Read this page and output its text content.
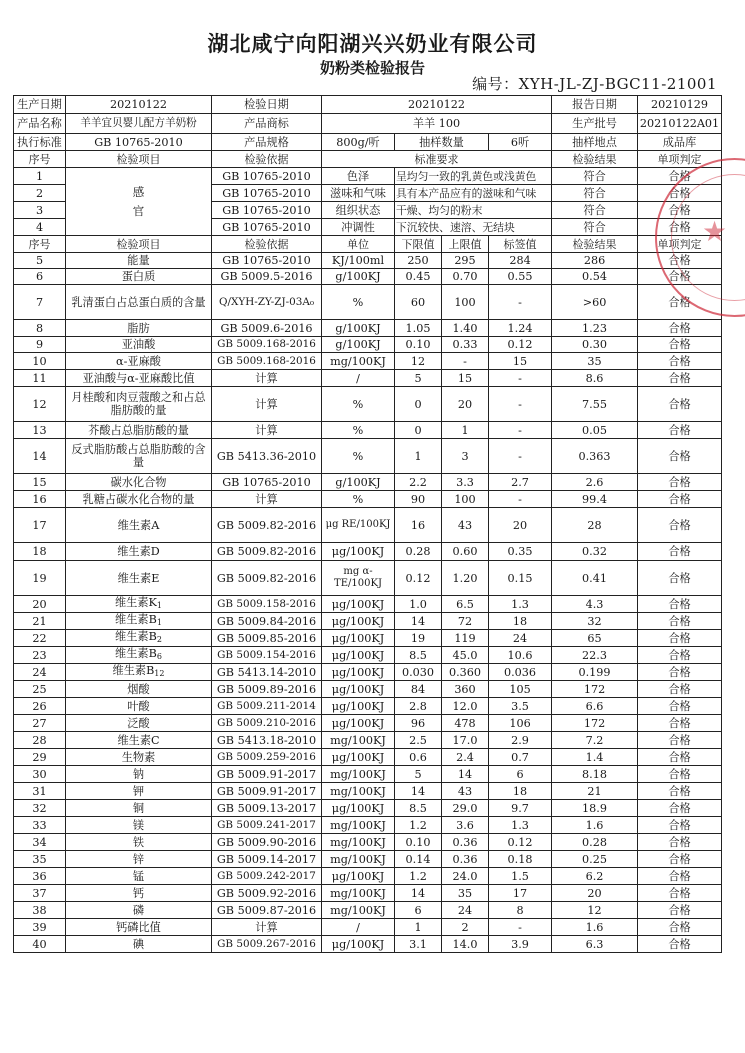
湖北咸宁向阳湖兴兴奶业有限公司
奶粉类检验报告
编号：XYH-JL-ZJ-BGC11-21001
生产日期	20210122	检验日期	20210122				报告日期	20210129
产品名称	羊羊宜贝婴儿配方羊奶粉	产品商标	羊羊 100				生产批号	20210122A01
执行标准	GB 10765-2010	产品规格	800g/听	抽样数量		6听	抽样地点	成品库
序号	检验项目	检验依据	标准要求				检验结果	单项判定
1	感官	GB 10765-2010	色泽	呈均匀一致的乳黄色或浅黄色			符合	合格
2		GB 10765-2010	滋味和气味	具有本产品应有的滋味和气味			符合	合格
3		GB 10765-2010	组织状态	干燥、均匀的粉末			符合	合格
4		GB 10765-2010	冲调性	下沉较快、速溶、无结块			符合	合格
序号	检验项目	检验依据	单位	下限值	上限值	标签值	检验结果	单项判定
5	能量	GB 10765-2010	KJ/100ml	250	295	284	286	合格
6	蛋白质	GB 5009.5-2016	g/100KJ	0.45	0.70	0.55	0.54	合格
7	乳清蛋白占总蛋白质的含量	Q/XYH-ZY-ZJ-03A₀	%	60	100	-	>60	合格
8	脂肪	GB 5009.6-2016	g/100KJ	1.05	1.40	1.24	1.23	合格
9	亚油酸	GB 5009.168-2016	g/100KJ	0.10	0.33	0.12	0.30	合格
10	α-亚麻酸	GB 5009.168-2016	mg/100KJ	12	-	15	35	合格
11	亚油酸与α-亚麻酸比值	计算	/	5	15	-	8.6	合格
12	月桂酸和肉豆蔻酸之和占总脂肪酸的量	计算	%	0	20	-	7.55	合格
13	芥酸占总脂肪酸的量	计算	%	0	1	-	0.05	合格
14	反式脂肪酸占总脂肪酸的含量	GB 5413.36-2010	%	1	3	-	0.363	合格
15	碳水化合物	GB 10765-2010	g/100KJ	2.2	3.3	2.7	2.6	合格
16	乳糖占碳水化合物的量	计算	%	90	100	-	99.4	合格
17	维生素A	GB 5009.82-2016	μg RE/100KJ	16	43	20	28	合格
18	维生素D	GB 5009.82-2016	μg/100KJ	0.28	0.60	0.35	0.32	合格
19	维生素E	GB 5009.82-2016	mg α-TE/100KJ	0.12	1.20	0.15	0.41	合格
20	维生素$K_1$	GB 5009.158-2016	μg/100KJ	1.0	6.5	1.3	4.3	合格
21	维生素$B_1$	GB 5009.84-2016	μg/100KJ	14	72	18	32	合格
22	维生素$B_2$	GB 5009.85-2016	μg/100KJ	19	119	24	65	合格
23	维生素$B_6$	GB 5009.154-2016	μg/100KJ	8.5	45.0	10.6	22.3	合格
24	维生素$B_{12}$	GB 5413.14-2010	μg/100KJ	0.030	0.360	0.036	0.199	合格
25	烟酸	GB 5009.89-2016	μg/100KJ	84	360	105	172	合格
26	叶酸	GB 5009.211-2014	μg/100KJ	2.8	12.0	3.5	6.6	合格
27	泛酸	GB 5009.210-2016	μg/100KJ	96	478	106	172	合格
28	维生素C	GB 5413.18-2010	mg/100KJ	2.5	17.0	2.9	7.2	合格
29	生物素	GB 5009.259-2016	μg/100KJ	0.6	2.4	0.7	1.4	合格
30	钠	GB 5009.91-2017	mg/100KJ	5	14	6	8.18	合格
31	钾	GB 5009.91-2017	mg/100KJ	14	43	18	21	合格
32	铜	GB 5009.13-2017	μg/100KJ	8.5	29.0	9.7	18.9	合格
33	镁	GB 5009.241-2017	mg/100KJ	1.2	3.6	1.3	1.6	合格
34	铁	GB 5009.90-2016	mg/100KJ	0.10	0.36	0.12	0.28	合格
35	锌	GB 5009.14-2017	mg/100KJ	0.14	0.36	0.18	0.25	合格
36	锰	GB 5009.242-2017	μg/100KJ	1.2	24.0	1.5	6.2	合格
37	钙	GB 5009.92-2016	mg/100KJ	14	35	17	20	合格
38	磷	GB 5009.87-2016	mg/100KJ	6	24	8	12	合格
39	钙磷比值	计算	/	1	2	-	1.6	合格
40	碘	GB 5009.267-2016	μg/100KJ	3.1	14.0	3.9	6.3	合格
★
